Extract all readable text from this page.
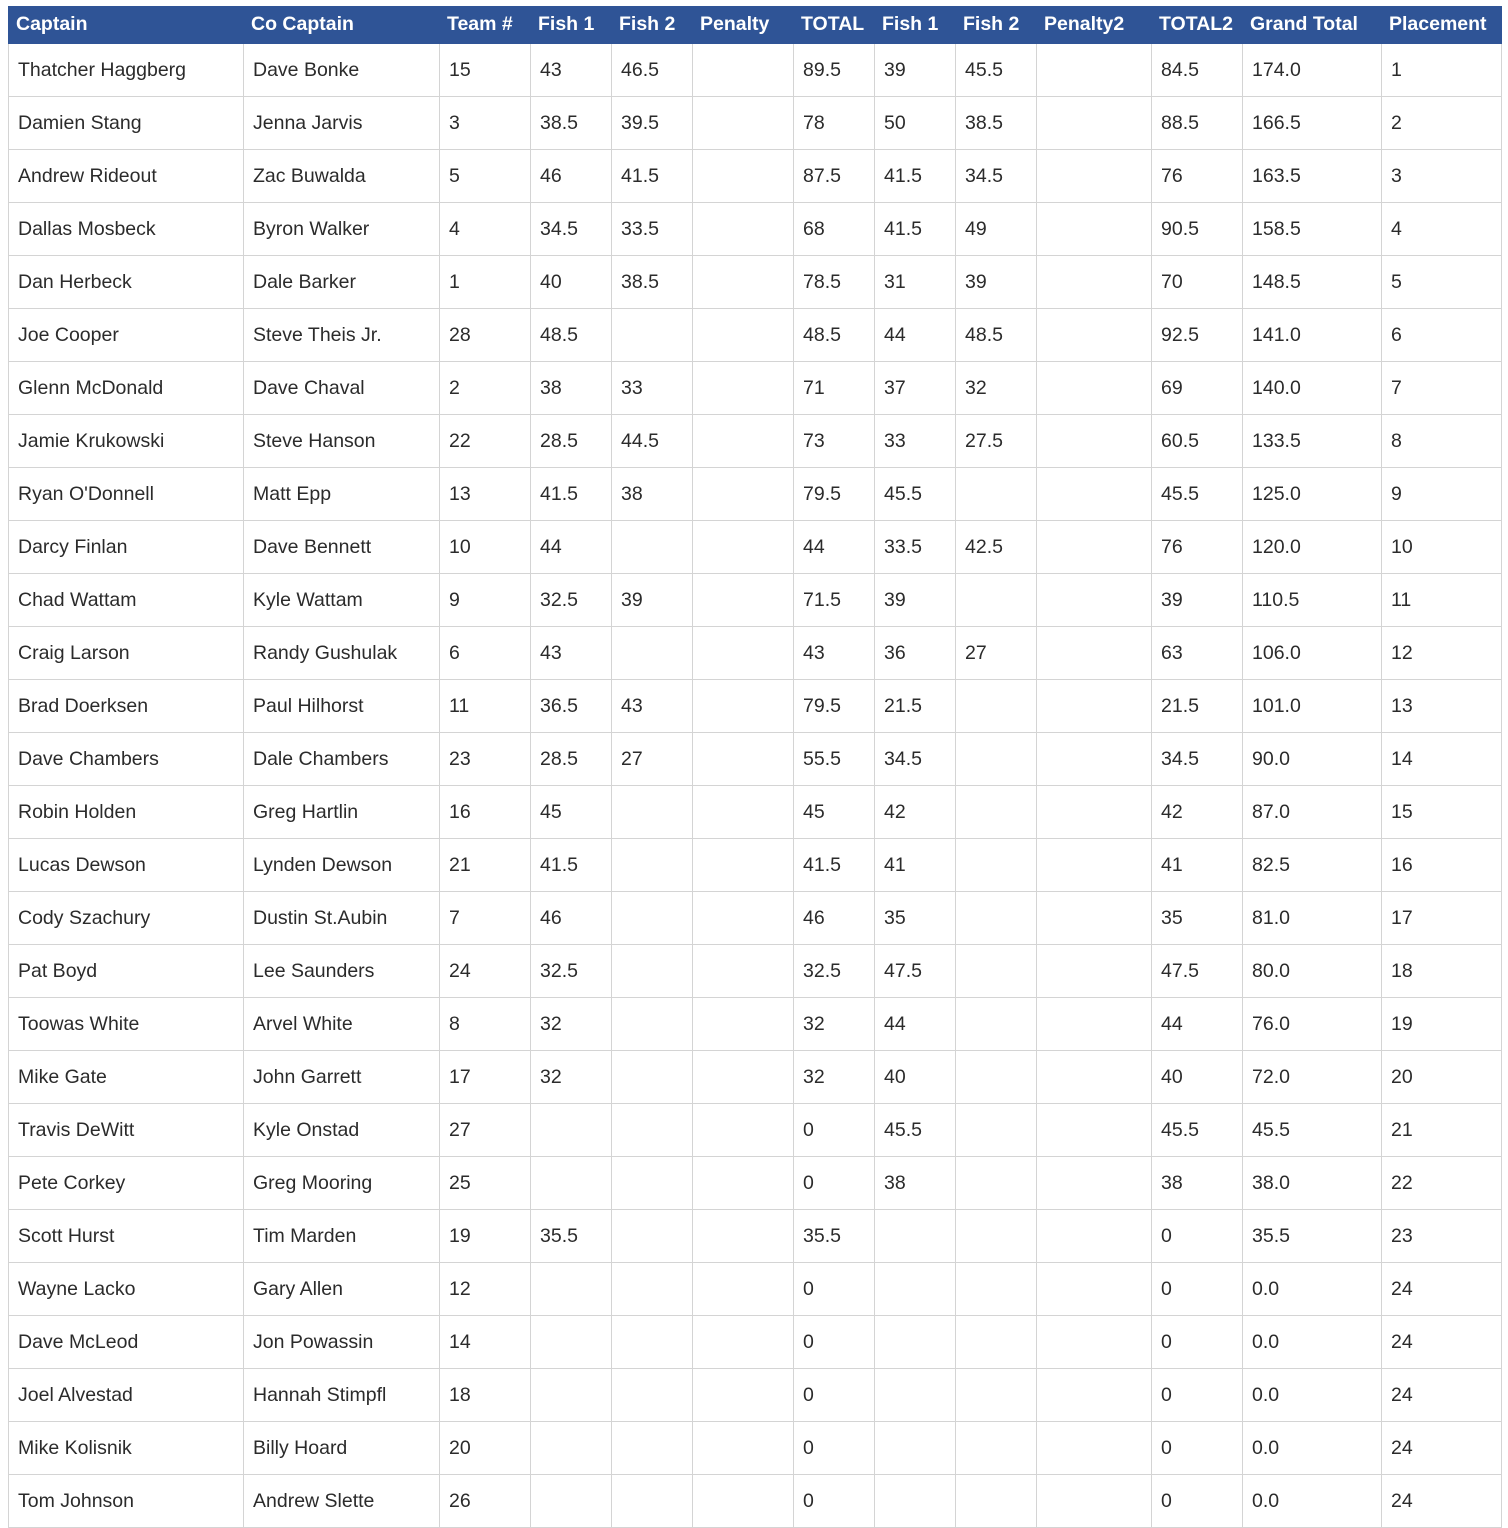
Captain	Co Captain	Team #	Fish 1	Fish 2	Penalty	TOTAL	Fish 1	Fish 2	Penalty2	TOTAL2	Grand Total	Placement
Thatcher Haggberg	Dave Bonke	15	43	46.5		89.5	39	45.5		84.5	174.0	1
Damien Stang	Jenna Jarvis	3	38.5	39.5		78	50	38.5		88.5	166.5	2
Andrew Rideout	Zac Buwalda	5	46	41.5		87.5	41.5	34.5		76	163.5	3
Dallas Mosbeck	Byron Walker	4	34.5	33.5		68	41.5	49		90.5	158.5	4
Dan Herbeck	Dale Barker	1	40	38.5		78.5	31	39		70	148.5	5
Joe Cooper	Steve Theis Jr.	28	48.5			48.5	44	48.5		92.5	141.0	6
Glenn McDonald	Dave Chaval	2	38	33		71	37	32		69	140.0	7
Jamie Krukowski	Steve Hanson	22	28.5	44.5		73	33	27.5		60.5	133.5	8
Ryan O'Donnell	Matt Epp	13	41.5	38		79.5	45.5			45.5	125.0	9
Darcy Finlan	Dave Bennett	10	44			44	33.5	42.5		76	120.0	10
Chad Wattam	Kyle Wattam	9	32.5	39		71.5	39			39	110.5	11
Craig Larson	Randy Gushulak	6	43			43	36	27		63	106.0	12
Brad Doerksen	Paul Hilhorst	11	36.5	43		79.5	21.5			21.5	101.0	13
Dave Chambers	Dale Chambers	23	28.5	27		55.5	34.5			34.5	90.0	14
Robin Holden	Greg Hartlin	16	45			45	42			42	87.0	15
Lucas Dewson	Lynden Dewson	21	41.5			41.5	41			41	82.5	16
Cody Szachury	Dustin St.Aubin	7	46			46	35			35	81.0	17
Pat Boyd	Lee Saunders	24	32.5			32.5	47.5			47.5	80.0	18
Toowas White	Arvel White	8	32			32	44			44	76.0	19
Mike Gate	John Garrett	17	32			32	40			40	72.0	20
Travis DeWitt	Kyle Onstad	27				0	45.5			45.5	45.5	21
Pete Corkey	Greg Mooring	25				0	38			38	38.0	22
Scott Hurst	Tim Marden	19	35.5			35.5				0	35.5	23
Wayne Lacko	Gary Allen	12				0				0	0.0	24
Dave McLeod	Jon Powassin	14				0				0	0.0	24
Joel Alvestad	Hannah Stimpfl	18				0				0	0.0	24
Mike Kolisnik	Billy Hoard	20				0				0	0.0	24
Tom Johnson	Andrew Slette	26				0				0	0.0	24
